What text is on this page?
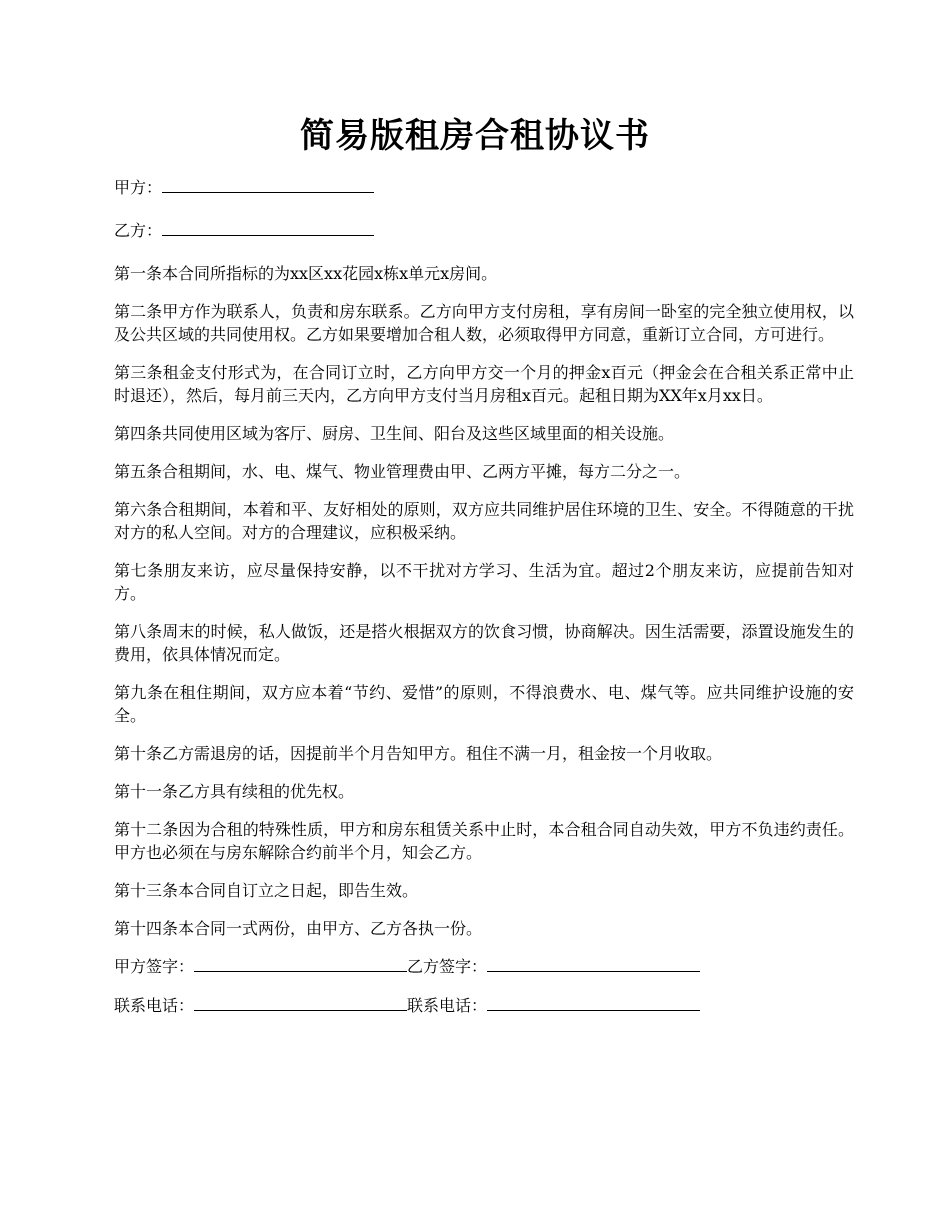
简易版租房合租协议书
甲方：
乙方：

第一条本合同所指标的为xx区xx花园x栋x单元x房间。

第二条甲方作为联系人，负责和房东联系。乙方向甲方支付房租，享有房间一卧室的完全独立使用权，以及公共区域的共同使用权。乙方如果要增加合租人数，必须取得甲方同意，重新订立合同，方可进行。

第三条租金支付形式为，在合同订立时，乙方向甲方交一个月的押金x百元（押金会在合租关系正常中止时退还），然后，每月前三天内，乙方向甲方支付当月房租x百元。起租日期为XX年x月xx日。

第四条共同使用区域为客厅、厨房、卫生间、阳台及这些区域里面的相关设施。

第五条合租期间，水、电、煤气、物业管理费由甲、乙两方平摊，每方二分之一。

第六条合租期间，本着和平、友好相处的原则，双方应共同维护居住环境的卫生、安全。不得随意的干扰对方的私人空间。对方的合理建议，应积极采纳。

第七条朋友来访，应尽量保持安静，以不干扰对方学习、生活为宜。超过2个朋友来访，应提前告知对方。

第八条周末的时候，私人做饭，还是搭火根据双方的饮食习惯，协商解决。因生活需要，添置设施发生的费用，依具体情况而定。

第九条在租住期间，双方应本着“节约、爱惜”的原则，不得浪费水、电、煤气等。应共同维护设施的安全。

第十条乙方需退房的话，因提前半个月告知甲方。租住不满一月，租金按一个月收取。

第十一条乙方具有续租的优先权。

第十二条因为合租的特殊性质，甲方和房东租赁关系中止时，本合租合同自动失效，甲方不负违约责任。甲方也必须在与房东解除合约前半个月，知会乙方。

第十三条本合同自订立之日起，即告生效。

第十四条本合同一式两份，由甲方、乙方各执一份。

甲方签字：	乙方签字：
联系电话：	联系电话：
